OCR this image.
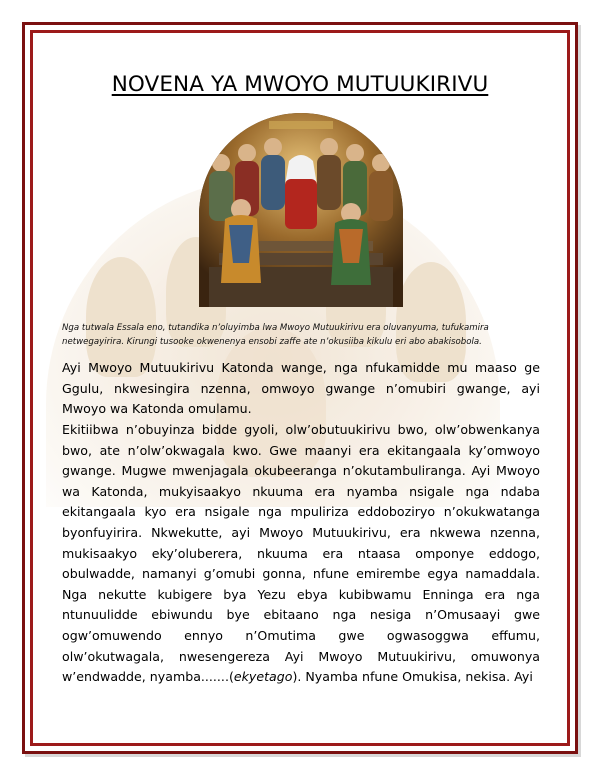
NOVENA YA MWOYO MUTUUKIRIVU

Nga tutwala Essala eno, tutandika n’oluyimba lwa Mwoyo Mutuukirivu era oluvanyuma, tufukamira netwegayirira. Kirungi tusooke okwenenya ensobi zaffe ate n’okusiiba kikulu eri abo abakisobola.

Ayi Mwoyo Mutuukirivu Katonda wange, nga nfukamidde mu maaso ge Ggulu, nkwesingira nzenna, omwoyo gwange n’omubiri gwange, ayi Mwoyo wa Katonda omulamu.

Ekitiibwa n’obuyinza bidde gyoli, olw’obutuukirivu bwo, olw’obwenkanya bwo, ate n’olw’okwagala kwo. Gwe maanyi era ekitangaala ky’omwoyo gwange. Mugwe mwenjagala okubeeranga n’okutambuliranga. Ayi Mwoyo wa Katonda, mukyisaakyo nkuuma era nyamba nsigale nga ndaba ekitangaala kyo era nsigale nga mpuliriza eddoboziryo n’okukwatanga byonfuyirira. Nkwekutte, ayi Mwoyo Mutuukirivu, era nkwewa nzenna, mukisaakyo eky’oluberera, nkuuma era ntaasa omponye eddogo, obulwadde, namanyi g’omubi gonna, nfune emirembe egya namaddala. Nga nekutte kubigere bya Yezu ebya kubibwamu Enninga era nga ntunuulidde ebiwundu bye ebitaano nga nesiga n’Omusaayi gwe ogw’omuwendo ennyo n’Omutima gwe ogwasoggwa effumu, olw’okutwagala, nwesengereza Ayi Mwoyo Mutuukirivu, omuwonya w’endwadde, nyamba.......(ekyetago). Nyamba nfune Omukisa, nekisa. Ayi
